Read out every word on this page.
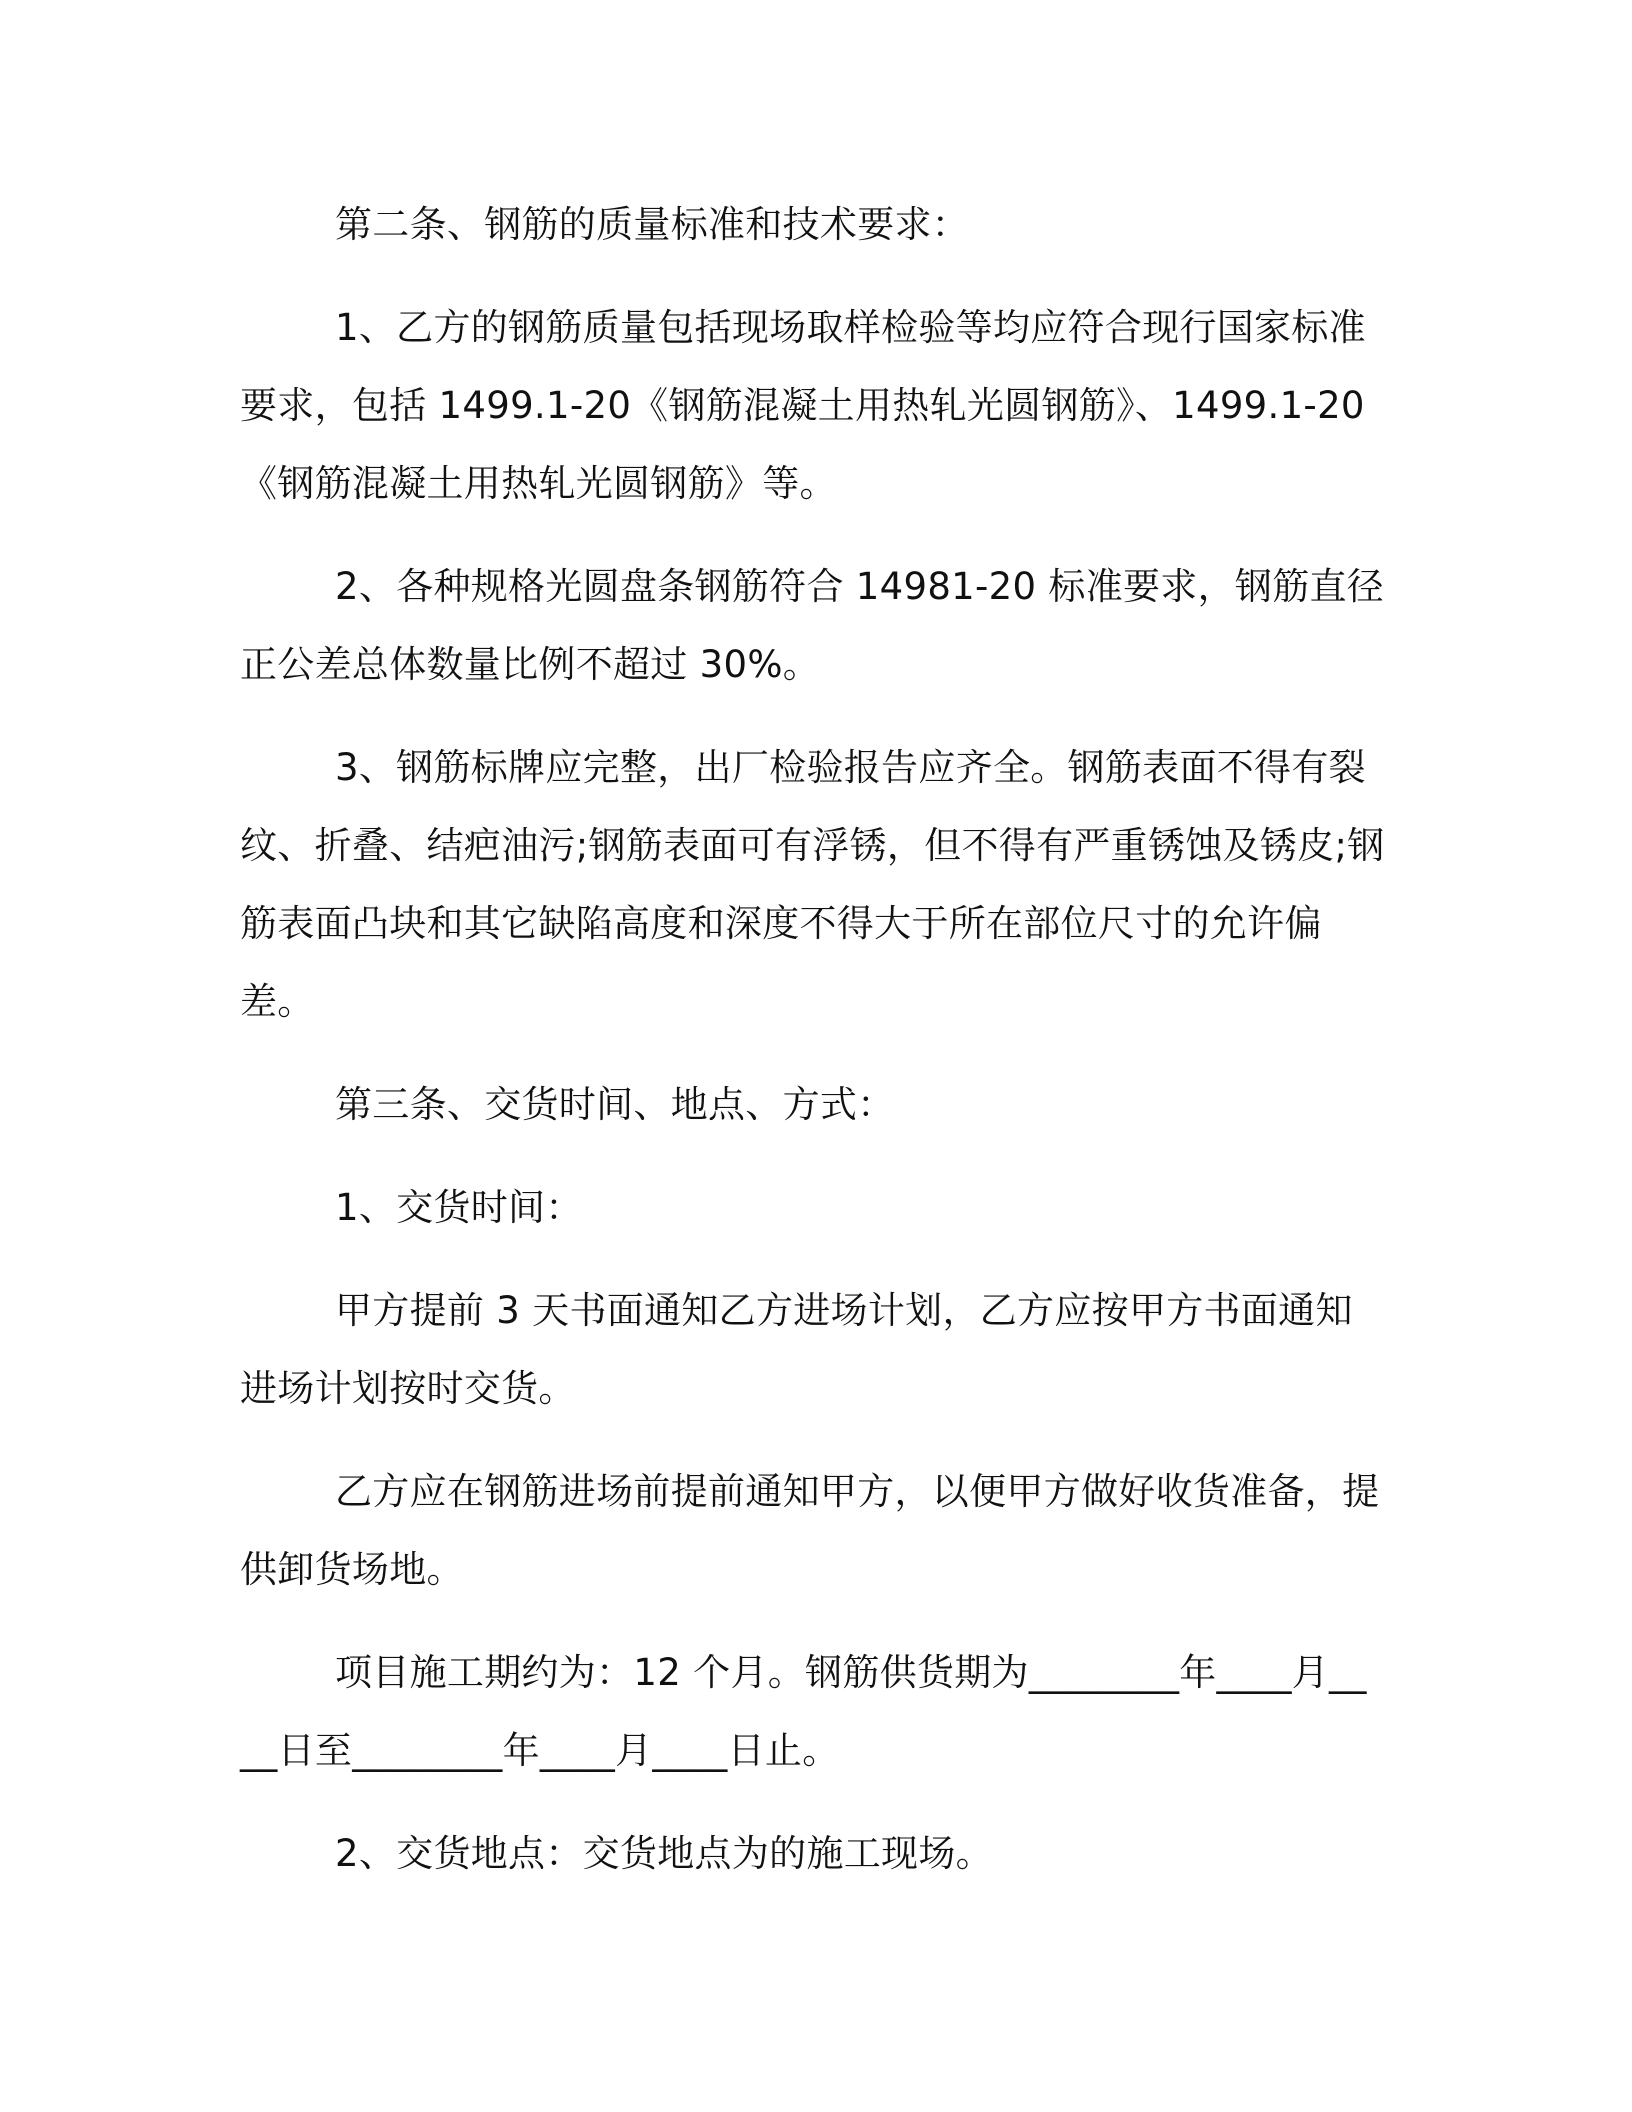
第二条、钢筋的质量标准和技术要求：

1、乙方的钢筋质量包括现场取样检验等均应符合现行国家标准要求，包括 1499.1-20《钢筋混凝土用热轧光圆钢筋》、1499.1-20《钢筋混凝土用热轧光圆钢筋》等。

2、各种规格光圆盘条钢筋符合 14981-20 标准要求，钢筋直径正公差总体数量比例不超过 30%。

3、钢筋标牌应完整，出厂检验报告应齐全。钢筋表面不得有裂纹、折叠、结疤油污;钢筋表面可有浮锈，但不得有严重锈蚀及锈皮;钢筋表面凸块和其它缺陷高度和深度不得大于所在部位尺寸的允许偏差。

第三条、交货时间、地点、方式：

1、交货时间：

甲方提前 3 天书面通知乙方进场计划，乙方应按甲方书面通知进场计划按时交货。

乙方应在钢筋进场前提前通知甲方，以便甲方做好收货准备，提供卸货场地。

项目施工期约为：12 个月。钢筋供货期为________年____月____日至________年____月____日止。

2、交货地点：交货地点为的施工现场。
